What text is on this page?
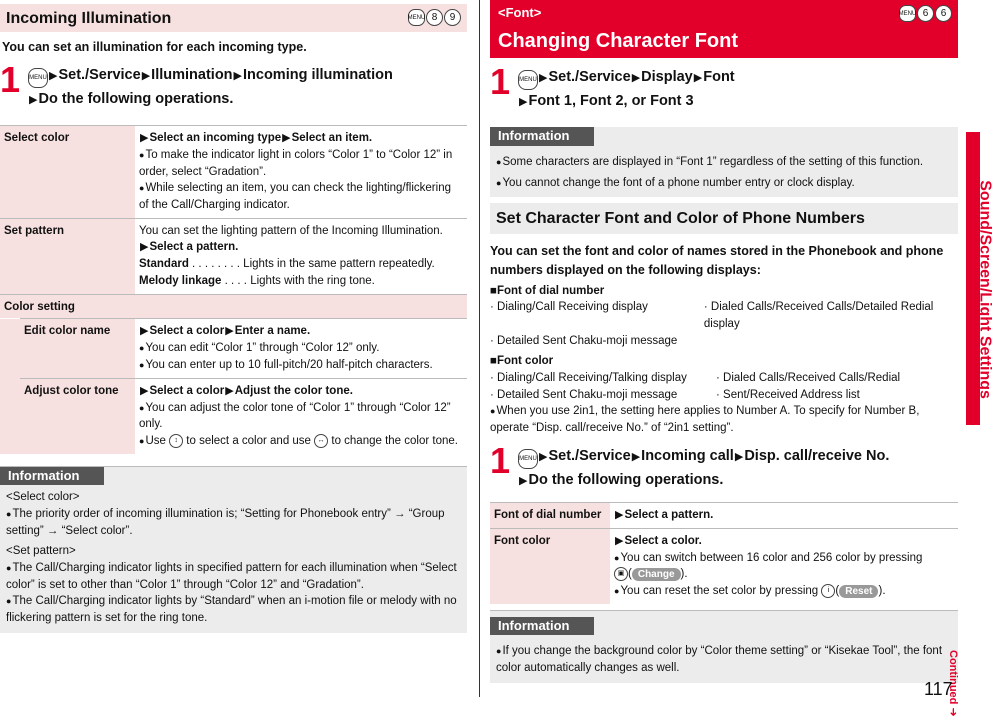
Incoming Illumination	MENU 8	9
You can set an illumination for each incoming type.
1	MENU ▶Set./Service▶Illumination▶Incoming illumination
▶Do the following operations.
Select color	▶Select an incoming type▶Select an item.
● To make the indicator light in colors “Color 1” to “Color 12” in order, select “Gradation”.
● While selecting an item, you can check the lighting/flickering of the Call/Charging indicator.

Set pattern	You can set the lighting pattern of the Incoming Illumination.
▶Select a pattern.
Standard . . . . . . . . Lights in the same pattern repeatedly.
Melody linkage . . . . Lights with the ring tone.

Color setting

	Edit color name	▶Select a color▶Enter a name.
● You can edit “Color 1” through “Color 12” only.
● You can enter up to 10 full-pitch/20 half-pitch characters.

	Adjust color tone	▶Select a color▶Adjust the color tone.
● You can adjust the color tone of “Color 1” through “Color 12” only.
● Use ↕ to select a color and use ↔ to change the color tone.
Information
<Select color>
● The priority order of incoming illumination is; “Setting for Phonebook entry” → “Group setting” → “Select color”.
<Set pattern>
● The Call/Charging indicator lights in specified pattern for each illumination when “Select color” is set to other than “Color 1” through “Color 12” and “Gradation”.
● The Call/Charging indicator lights by “Standard” when an i-motion file or melody with no flickering pattern is set for the ring tone.
<Font>
Changing Character Font
MENU 6	6
1	MENU ▶Set./Service▶Display▶Font
▶Font 1, Font 2, or Font 3
Information
● Some characters are displayed in “Font 1” regardless of the setting of this function.
● You cannot change the font of a phone number entry or clock display.
Set Character Font and Color of Phone Numbers
You can set the font and color of names stored in the Phonebook and phone numbers displayed on the following displays:
■Font of dial number
· Dialing/Call Receiving display	· Dialed Calls/Received Calls/Detailed Redial display
· Detailed Sent Chaku-moji message
■Font color
· Dialing/Call Receiving/Talking display	· Dialed Calls/Received Calls/Redial
· Detailed Sent Chaku-moji message	· Sent/Received Address list
● When you use 2in1, the setting here applies to Number A. To specify for Number B, operate “Disp. call/receive No.” of “2in1 setting”.
1	MENU ▶Set./Service▶Incoming call▶Disp. call/receive No.
▶Do the following operations.
Font of dial number	▶Select a pattern.
Font color	▶Select a color.
● You can switch between 16 color and 256 color by pressing
▣ ( Change ).
● You can reset the set color by pressing i ( Reset ).
Information
● If you change the background color by “Color theme setting” or “Kisekae Tool”, the font color automatically changes as well.
Sound/Screen/Light Settings
Continued ➜
117
